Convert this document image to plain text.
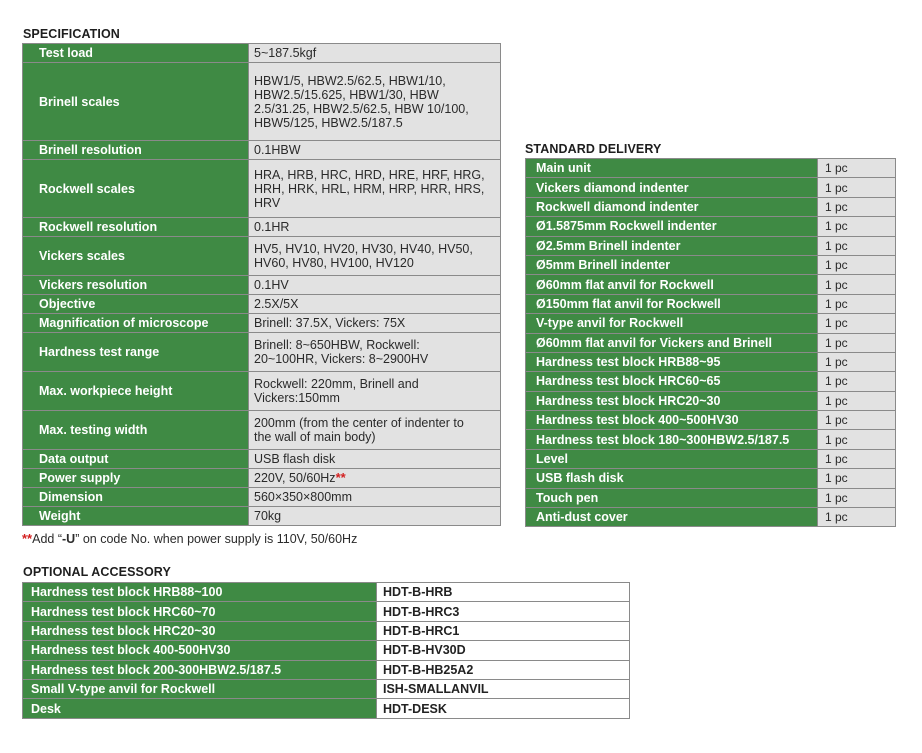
SPECIFICATION
Test load	5~187.5kgf
Brinell scales	HBW1/5, HBW2.5/62.5, HBW1/10, HBW2.5/15.625, HBW1/30, HBW 2.5/31.25, HBW2.5/62.5, HBW 10/100, HBW5/125, HBW2.5/187.5

Brinell resolution	0.1HBW
Rockwell scales	HRA, HRB, HRC, HRD, HRE, HRF, HRG, HRH, HRK, HRL, HRM, HRP, HRR, HRS, HRV

Rockwell resolution	0.1HR
Vickers scales	HV5, HV10, HV20, HV30, HV40, HV50, HV60, HV80, HV100, HV120

Vickers resolution	0.1HV
Objective	2.5X/5X
Magnification of microscope	Brinell: 37.5X, Vickers: 75X
Hardness test range	Brinell: 8~650HBW, Rockwell: 20~100HR, Vickers: 8~2900HV

Max. workpiece height	Rockwell: 220mm, Brinell and Vickers:150mm

Max. testing width	200mm (from the center of indenter to the wall of main body)

Data output	USB flash disk
Power supply	220V, 50/60Hz**
Dimension	560×350×800mm
Weight	70kg
**Add “-U” on code No. when power supply is 110V, 50/60Hz
STANDARD DELIVERY
Main unit	1 pc
Vickers diamond indenter	1 pc
Rockwell diamond indenter	1 pc
Ø1.5875mm Rockwell indenter	1 pc
Ø2.5mm Brinell indenter	1 pc
Ø5mm Brinell indenter	1 pc
Ø60mm flat anvil for Rockwell	1 pc
Ø150mm flat anvil for Rockwell	1 pc
V-type anvil for Rockwell	1 pc
Ø60mm flat anvil for Vickers and Brinell	1 pc
Hardness test block HRB88~95	1 pc
Hardness test block HRC60~65	1 pc
Hardness test block HRC20~30	1 pc
Hardness test block 400~500HV30	1 pc
Hardness test block 180~300HBW2.5/187.5	1 pc
Level	1 pc
USB flash disk	1 pc
Touch pen	1 pc
Anti-dust cover	1 pc
OPTIONAL ACCESSORY
Hardness test block HRB88~100	HDT-B-HRB
Hardness test block HRC60~70	HDT-B-HRC3
Hardness test block HRC20~30	HDT-B-HRC1
Hardness test block 400-500HV30	HDT-B-HV30D
Hardness test block 200-300HBW2.5/187.5	HDT-B-HB25A2
Small V-type anvil for Rockwell	ISH-SMALLANVIL
Desk	HDT-DESK
